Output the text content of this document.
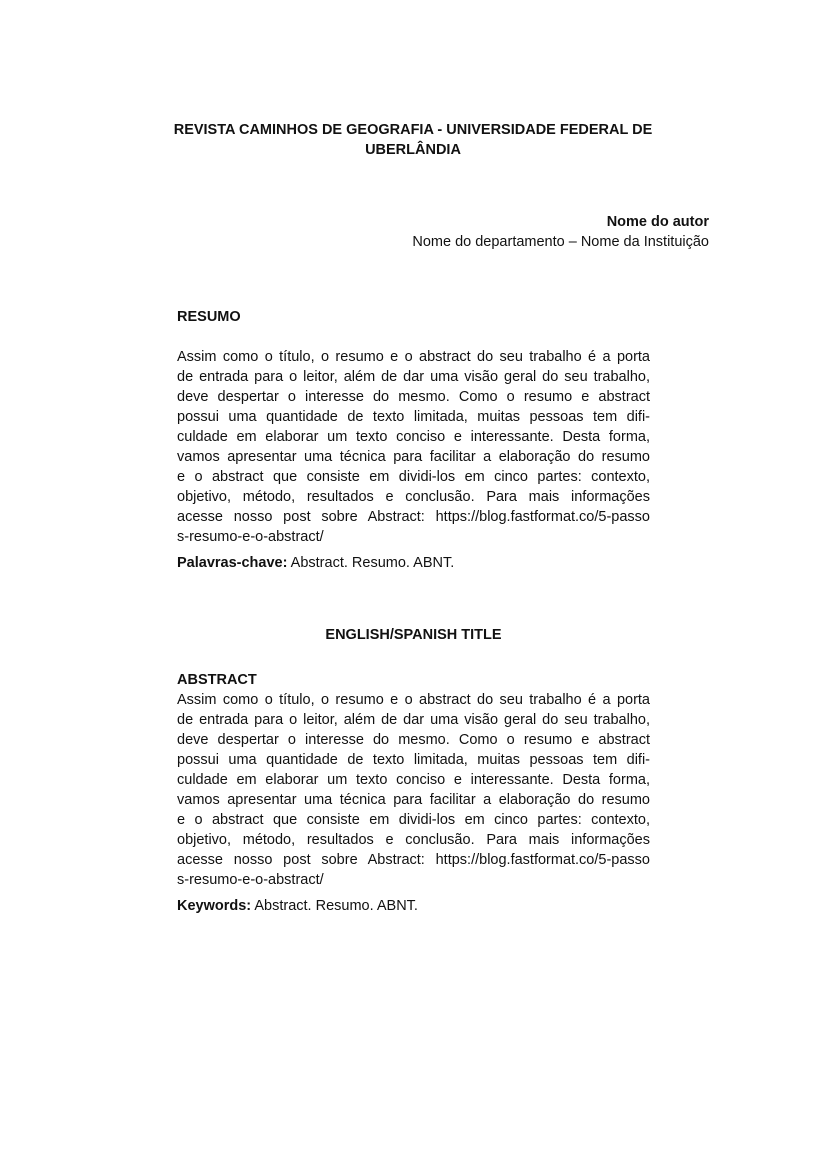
REVISTA CAMINHOS DE GEOGRAFIA - UNIVERSIDADE FEDERAL DE
UBERLÂNDIA
Nome do autor
Nome do departamento – Nome da Instituição
RESUMO

Assim como o título, o resumo e o abstract do seu trabalho é a porta
de entrada para o leitor, além de dar uma visão geral do seu trabalho,
deve despertar o interesse do mesmo. Como o resumo e abstract
possui uma quantidade de texto limitada, muitas pessoas tem difi-
culdade em elaborar um texto conciso e interessante. Desta forma,
vamos apresentar uma técnica para facilitar a elaboração do resumo
e o abstract que consiste em dividi-los em cinco partes: contexto,
objetivo, método, resultados e conclusão. Para mais informações
acesse nosso post sobre Abstract: https://blog.fastformat.co/5-passo
s-resumo-e-o-abstract/

Palavras-chave: Abstract. Resumo. ABNT.
ENGLISH/SPANISH TITLE
ABSTRACT

Assim como o título, o resumo e o abstract do seu trabalho é a porta
de entrada para o leitor, além de dar uma visão geral do seu trabalho,
deve despertar o interesse do mesmo. Como o resumo e abstract
possui uma quantidade de texto limitada, muitas pessoas tem difi-
culdade em elaborar um texto conciso e interessante. Desta forma,
vamos apresentar uma técnica para facilitar a elaboração do resumo
e o abstract que consiste em dividi-los em cinco partes: contexto,
objetivo, método, resultados e conclusão. Para mais informações
acesse nosso post sobre Abstract: https://blog.fastformat.co/5-passo
s-resumo-e-o-abstract/

Keywords: Abstract. Resumo. ABNT.
